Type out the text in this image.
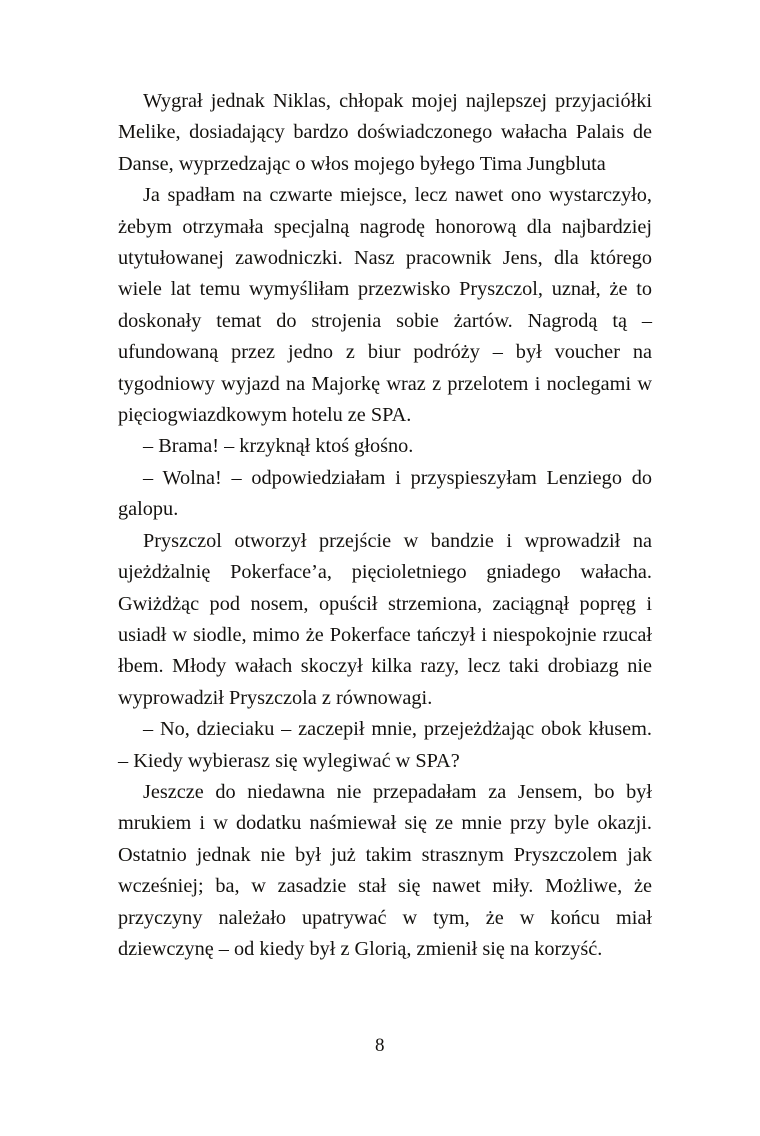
Wygrał jednak Niklas, chłopak mojej najlepszej przyjaciółki Melike, dosiadający bardzo doświadczonego wałacha Palais de Danse, wyprzedzając o włos mojego byłego Tima Jungbluta

Ja spadłam na czwarte miejsce, lecz nawet ono wystarczyło, żebym otrzymała specjalną nagrodę honorową dla najbardziej utytułowanej zawodniczki. Nasz pracownik Jens, dla którego wiele lat temu wymyśliłam przezwisko Pryszczol, uznał, że to doskonały temat do strojenia sobie żartów. Nagrodą tą – ufundowaną przez jedno z biur podróży – był voucher na tygodniowy wyjazd na Majorkę wraz z przelotem i noclegami w pięciogwiazdkowym hotelu ze SPA.

– Brama! – krzyknął ktoś głośno.

– Wolna! – odpowiedziałam i przyspieszyłam Lenziego do galopu.

Pryszczol otworzył przejście w bandzie i wprowadził na ujeżdżalnię Pokerface’a, pięcioletniego gniadego wałacha. Gwiżdżąc pod nosem, opuścił strzemiona, zaciągnął popręg i usiadł w siodle, mimo że Pokerface tańczył i niespokojnie rzucał łbem. Młody wałach skoczył kilka razy, lecz taki drobiazg nie wyprowadził Pryszczola z równowagi.

– No, dzieciaku – zaczepił mnie, przejeżdżając obok kłusem. – Kiedy wybierasz się wylegiwać w SPA?

Jeszcze do niedawna nie przepadałam za Jensem, bo był mrukiem i w dodatku naśmiewał się ze mnie przy byle okazji. Ostatnio jednak nie był już takim strasznym Pryszczolem jak wcześniej; ba, w zasadzie stał się nawet miły. Możliwe, że przyczyny należało upatrywać w tym, że w końcu miał dziewczynę – od kiedy był z Glorią, zmienił się na korzyść.

8
